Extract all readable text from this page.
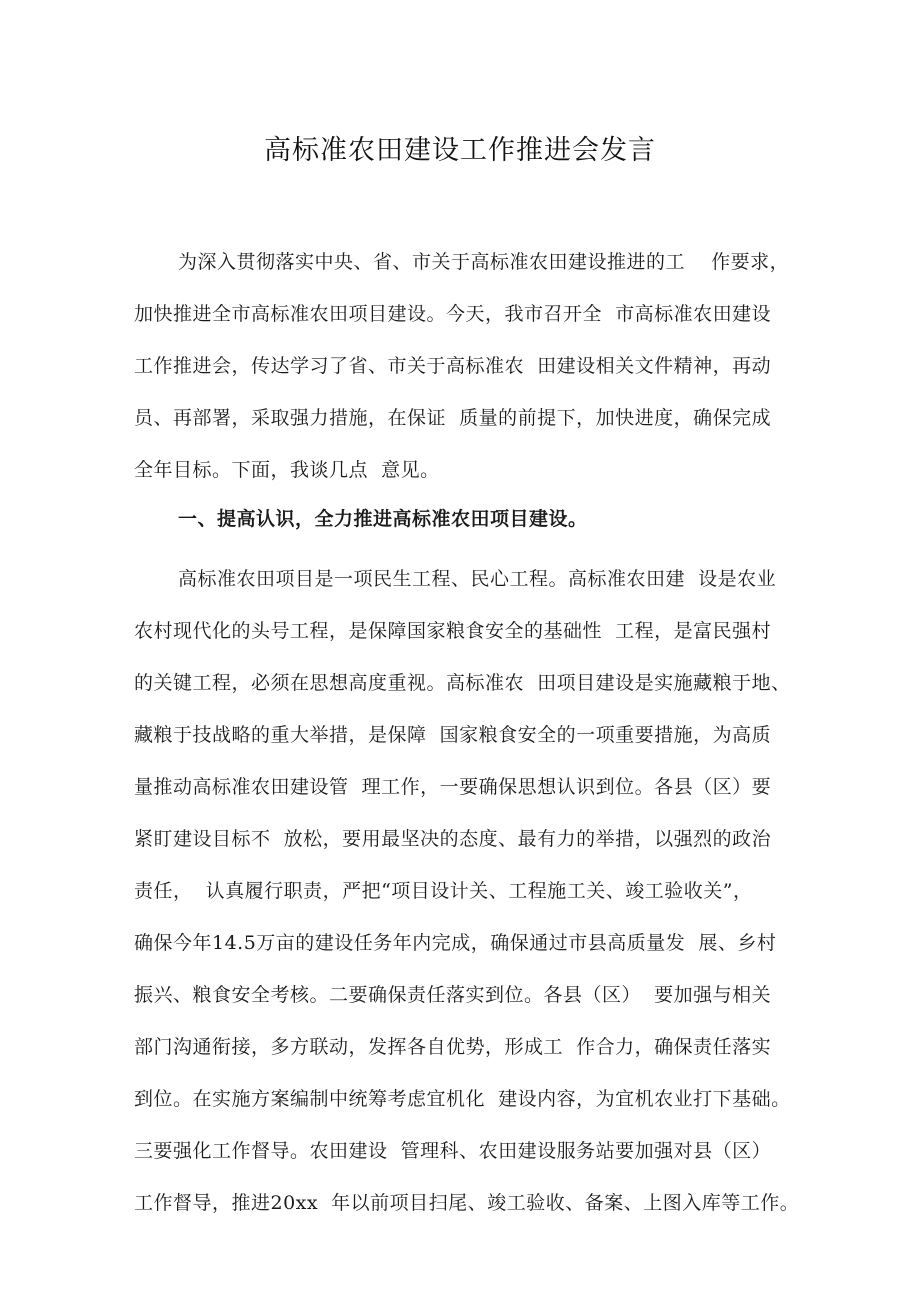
高标准农田建设工作推进会发言
为深入贯彻落实中央、省、市关于高标准农田建设推进的工    作要求，
加快推进全市高标准农田项目建设。今天，我市召开全  市高标准农田建设
工作推进会，传达学习了省、市关于高标准农  田建设相关文件精神，再动
员、再部署，采取强力措施，在保证  质量的前提下，加快进度，确保完成
全年目标。下面，我谈几点  意见。
一、提高认识，全力推进高标准农田项目建设。
高标准农田项目是一项民生工程、民心工程。高标准农田建  设是农业
农村现代化的头号工程，是保障国家粮食安全的基础性  工程，是富民强村
的关键工程，必须在思想高度重视。高标准农  田项目建设是实施藏粮于地、
藏粮于技战略的重大举措，是保障  国家粮食安全的一项重要措施，为高质
量推动高标准农田建设管  理工作，一要确保思想认识到位。各县（区）要
紧盯建设目标不  放松，要用最坚决的态度、最有力的举措，以强烈的政治
责任，  认真履行职责，严把“项目设计关、工程施工关、竣工验收关”，
确保今年14.5万亩的建设任务年内完成，确保通过市县高质量发  展、乡村
振兴、粮食安全考核。二要确保责任落实到位。各县（区）  要加强与相关
部门沟通衔接，多方联动，发挥各自优势，形成工  作合力，确保责任落实
到位。在实施方案编制中统筹考虑宜机化  建设内容，为宜机农业打下基础。
三要强化工作督导。农田建设  管理科、农田建设服务站要加强对县（区）
工作督导，推进20xx  年以前项目扫尾、竣工验收、备案、上图入库等工作。
